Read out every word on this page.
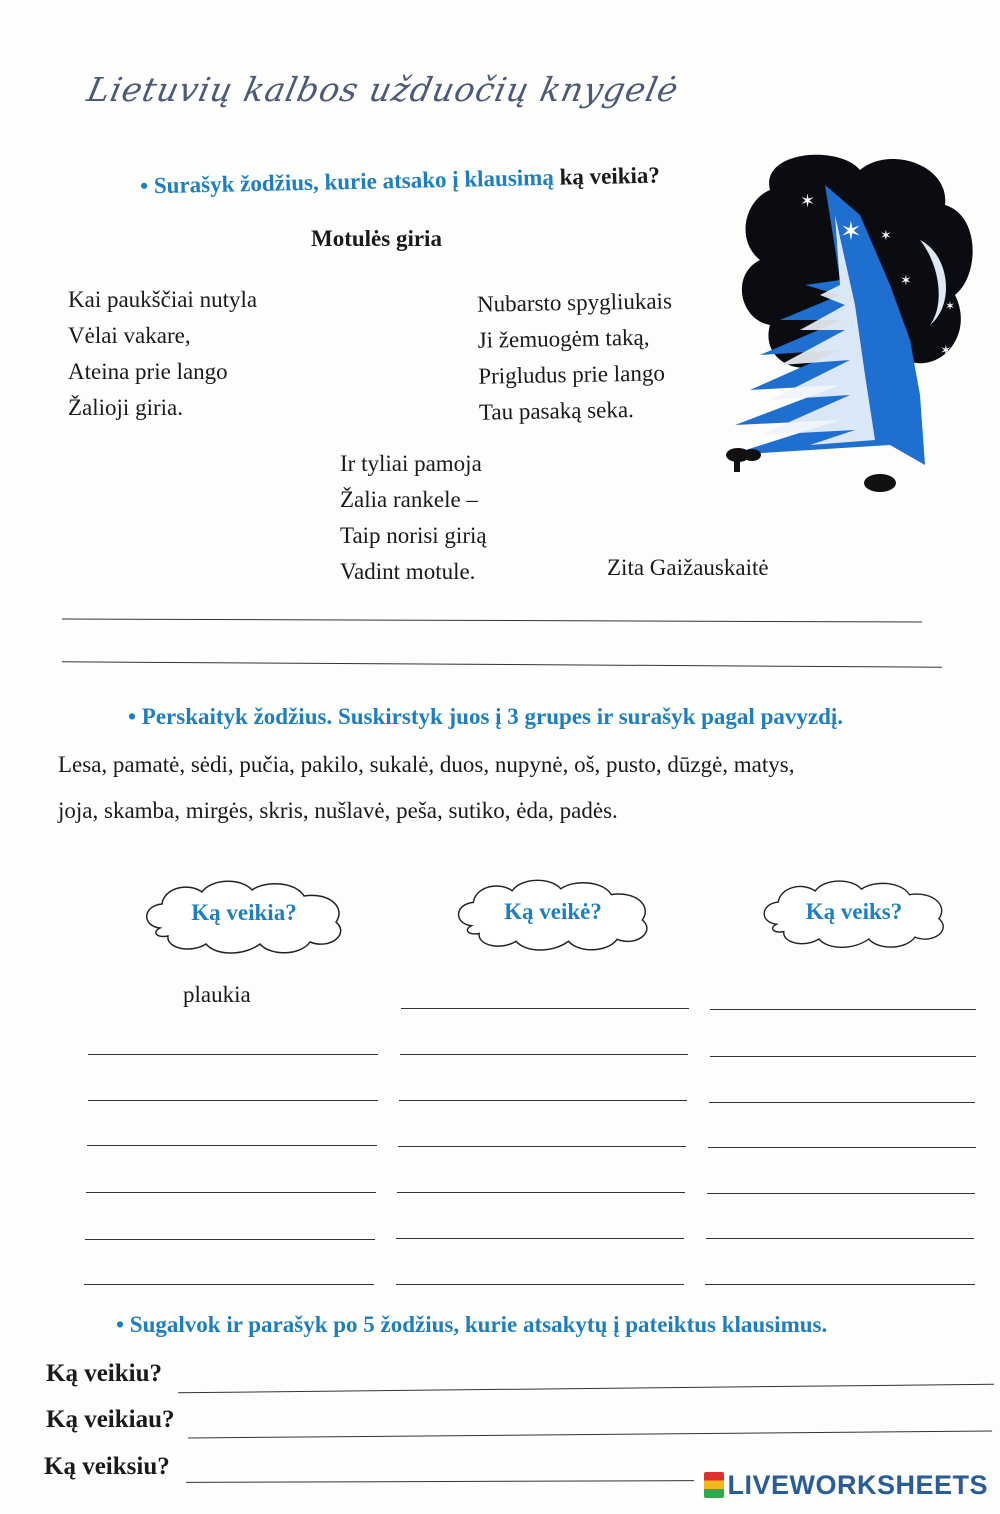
Lietuvių kalbos užduočių knygelė
• Surašyk žodžius, kurie atsako į klausimą ką veikia?
Motulės giria
Kai paukščiai nutyla
Vėlai vakare,
Ateina prie lango
Žalioji giria.
Nubarsto spygliukais
Ji žemuogėm taką,
Prigludus prie lango
Tau pasaką seka.
Ir tyliai pamoja
Žalia rankele –
Taip norisi girią
Vadint motule.	Zita Gaižauskaitė
✶
✶ ✶
✶
✶
✶
• Perskaityk žodžius. Suskirstyk juos į 3 grupes ir surašyk pagal pavyzdį.
Lesa, pamatė, sėdi, pučia, pakilo, sukalė, duos, nupynė, oš, pusto, dūzgė, matys,
joja, skamba, mirgės, skris, nušlavė, peša, sutiko, ėda, padės.
Ką veikia?	Ką veikė?	Ką veiks?
plaukia
• Sugalvok ir parašyk po 5 žodžius, kurie atsakytų į pateiktus klausimus.
Ką veikiu?
Ką veikiau?
Ką veiksiu?
LIVEWORKSHEETS
